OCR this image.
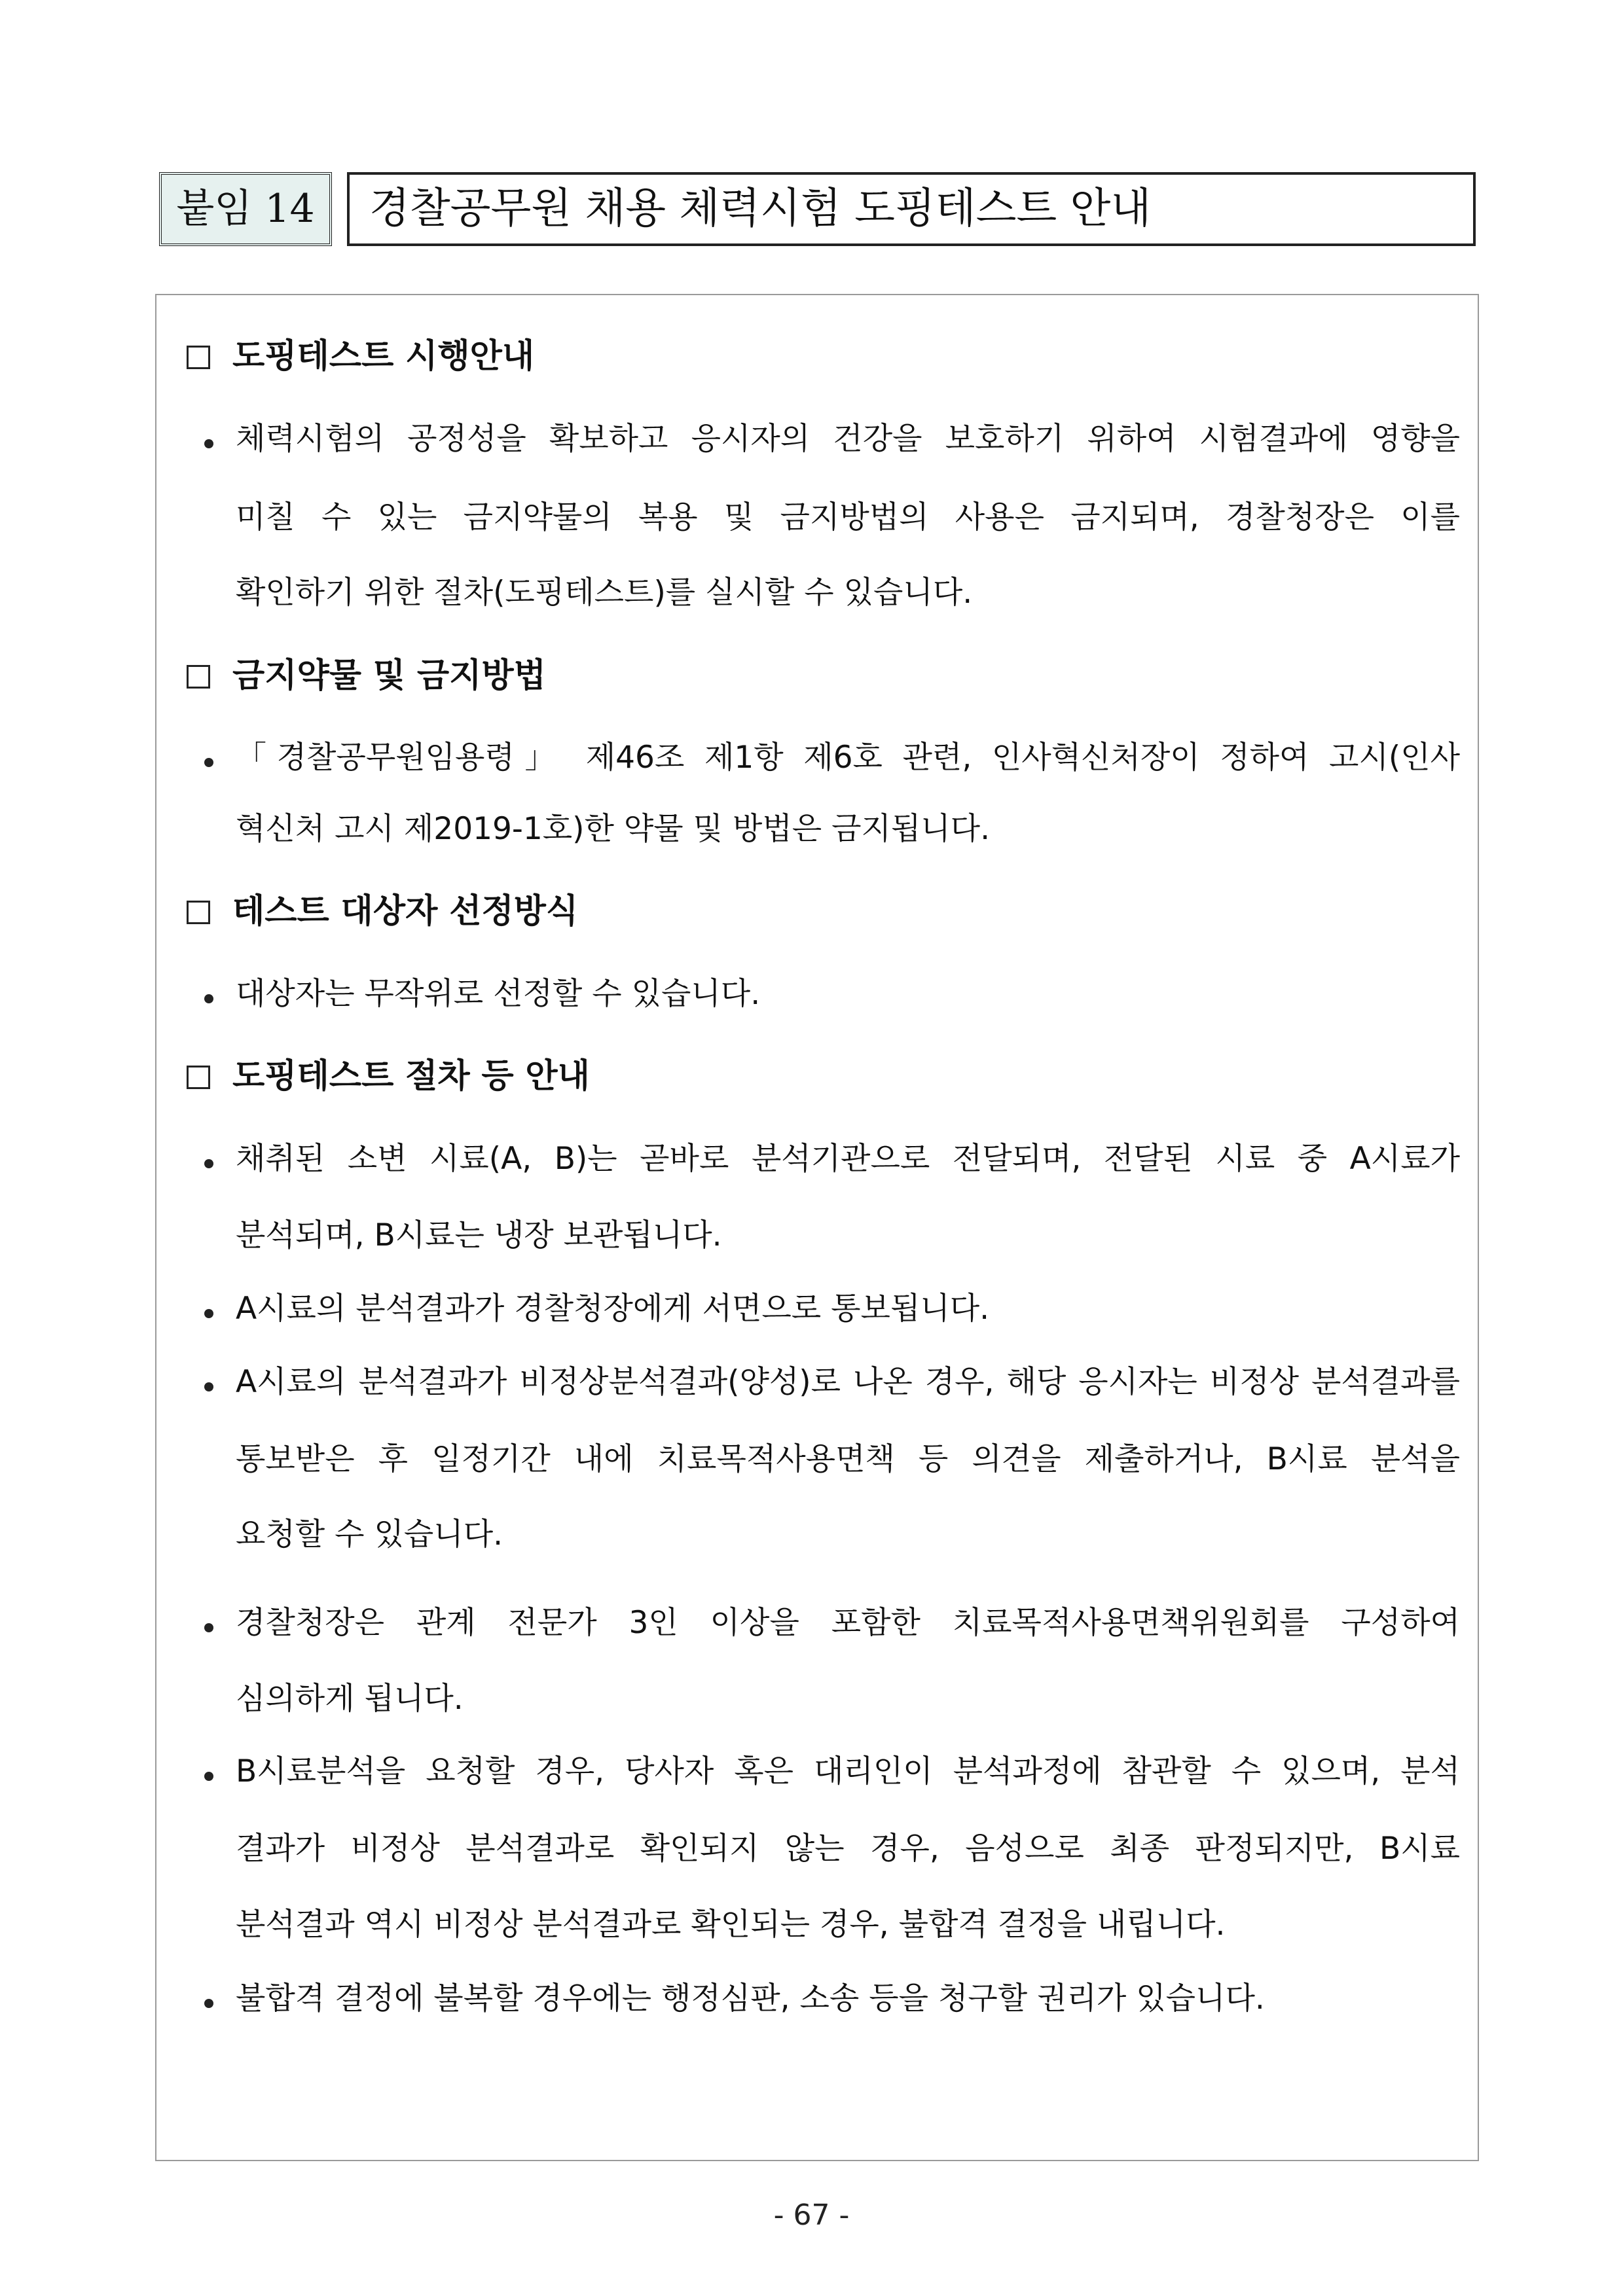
붙임 14	경찰공무원 채용 체력시험 도핑테스트 안내
도핑테스트 시행안내
체력시험의 공정성을 확보하고 응시자의 건강을 보호하기 위하여 시험결과에 영향을
미칠 수 있는 금지약물의 복용 및 금지방법의 사용은 금지되며, 경찰청장은 이를
확인하기 위한 절차(도핑테스트)를 실시할 수 있습니다.
금지약물 및 금지방법
「경찰공무원임용령」 제46조 제1항 제6호 관련, 인사혁신처장이 정하여 고시(인사
혁신처 고시 제2019-1호)한 약물 및 방법은 금지됩니다.
테스트 대상자 선정방식
대상자는 무작위로 선정할 수 있습니다.
도핑테스트 절차 등 안내
채취된 소변 시료(A, B)는 곧바로 분석기관으로 전달되며, 전달된 시료 중 A시료가
분석되며, B시료는 냉장 보관됩니다.
A시료의 분석결과가 경찰청장에게 서면으로 통보됩니다.
A시료의 분석결과가 비정상분석결과(양성)로 나온 경우, 해당 응시자는 비정상 분석결과를
통보받은 후 일정기간 내에 치료목적사용면책 등 의견을 제출하거나, B시료 분석을
요청할 수 있습니다.
경찰청장은 관계 전문가 3인 이상을 포함한 치료목적사용면책위원회를 구성하여
심의하게 됩니다.
B시료분석을 요청할 경우, 당사자 혹은 대리인이 분석과정에 참관할 수 있으며, 분석
결과가 비정상 분석결과로 확인되지 않는 경우, 음성으로 최종 판정되지만, B시료
분석결과 역시 비정상 분석결과로 확인되는 경우, 불합격 결정을 내립니다.
불합격 결정에 불복할 경우에는 행정심판, 소송 등을 청구할 권리가 있습니다.
- 67 -
